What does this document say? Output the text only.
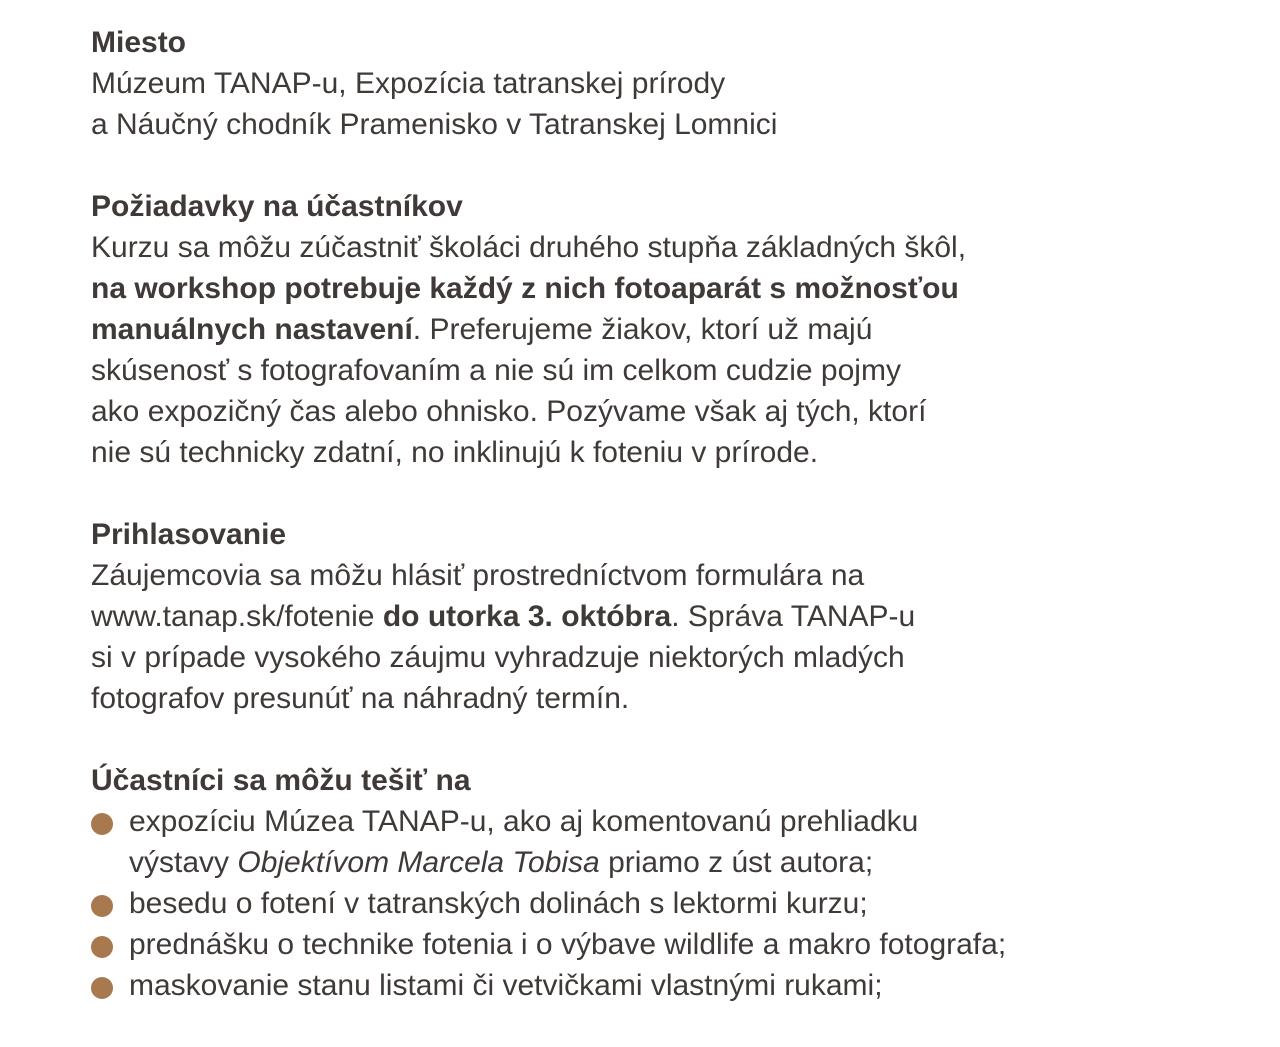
Miesto

Múzeum TANAP-u, Expozícia tatranskej prírody

a Náučný chodník Pramenisko v Tatranskej Lomnici

Požiadavky na účastníkov

Kurzu sa môžu zúčastniť školáci druhého stupňa základných škôl,

na workshop potrebuje každý z nich fotoaparát s možnosťou

manuálnych nastavení. Preferujeme žiakov, ktorí už majú

skúsenosť s fotografovaním a nie sú im celkom cudzie pojmy

ako expozičný čas alebo ohnisko. Pozývame však aj tých, ktorí

nie sú technicky zdatní, no inklinujú k foteniu v prírode.

Prihlasovanie

Záujemcovia sa môžu hlásiť prostredníctvom formulára na

www.tanap.sk/fotenie do utorka 3. októbra. Správa TANAP-u

si v prípade vysokého záujmu vyhradzuje niektorých mladých

fotografov presunúť na náhradný termín.

Účastníci sa môžu tešiť na

expozíciu Múzea TANAP-u, ako aj komentovanú prehliadku

výstavy Objektívom Marcela Tobisa priamo z úst autora;

besedu o fotení v tatranských dolinách s lektormi kurzu;

prednášku o technike fotenia i o výbave wildlife a makro fotografa;

maskovanie stanu listami či vetvičkami vlastnými rukami;
